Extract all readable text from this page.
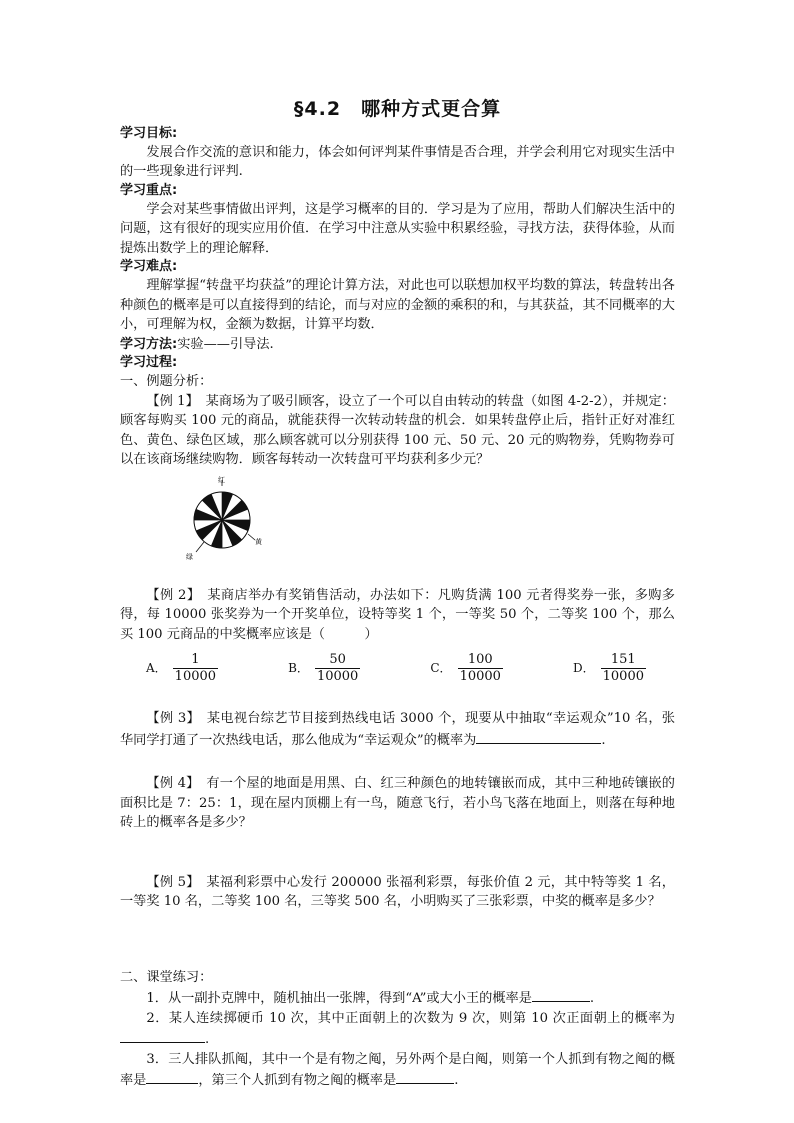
§4.2　哪种方式更合算
学习目标:

发展合作交流的意识和能力，体会如何评判某件事情是否合理，并学会利用它对现实生活中的一些现象进行评判.

学习重点:

学会对某些事情做出评判，这是学习概率的目的．学习是为了应用，帮助人们解决生活中的问题，这有很好的现实应用价值．在学习中注意从实验中积累经验，寻找方法，获得体验，从而提炼出数学上的理论解释．

学习难点:

理解掌握“转盘平均获益”的理论计算方法，对此也可以联想加权平均数的算法，转盘转出各种颜色的概率是可以直接得到的结论，而与对应的金额的乘积的和，与其获益，其不同概率的大小，可理解为权，金额为数据，计算平均数．

学习方法:实验——引导法.
学习过程:

一、例题分析：

【例 1】　某商场为了吸引顾客，设立了一个可以自由转动的转盘（如图 4-2-2），并规定：顾客每购买 100 元的商品，就能获得一次转动转盘的机会．如果转盘停止后，指针正好对准红色、黄色、绿色区域，那么顾客就可以分别获得 100 元、50 元、20 元的购物券，凭购物券可以在该商场继续购物．顾客每转动一次转盘可平均获利多少元？

红
黄
绿

【例 2】　某商店举办有奖销售活动，办法如下：凡购货满 100 元者得奖券一张，多购多得，每 10000 张奖券为一个开奖单位，设特等奖 1 个，一等奖 50 个，二等奖 100 个，那么买 100 元商品的中奖概率应该是（　　　）

A． $\frac{1}{10000}$	B． $\frac{50}{10000}$	C． $\frac{100}{10000}$	D． $\frac{151}{10000}$

【例 3】　某电视台综艺节目接到热线电话 3000 个，现要从中抽取“幸运观众”10 名，张华同学打通了一次热线电话，那么他成为“幸运观众”的概率为	.

【例 4】　有一个屋的地面是用黑、白、红三种颜色的地转镶嵌而成，其中三种地砖镶嵌的面积比是 7：25：1，现在屋内顶棚上有一鸟，随意飞行，若小鸟飞落在地面上，则落在每种地砖上的概率各是多少？

【例 5】　某福利彩票中心发行 200000 张福利彩票，每张价值 2 元，其中特等奖 1 名，一等奖 10 名，二等奖 100 名，三等奖 500 名，小明购买了三张彩票，中奖的概率是多少？

二、课堂练习：

1．从一副扑克牌中，随机抽出一张牌，得到“A”或大小王的概率是	.

2．某人连续掷硬币 10 次，其中正面朝上的次数为 9 次，则第 10 次正面朝上的概率为.

3．三人排队抓阄，其中一个是有物之阄，另外两个是白阄，则第一个人抓到有物之阄的概率是	，第三个人抓到有物之阄的概率是	.
